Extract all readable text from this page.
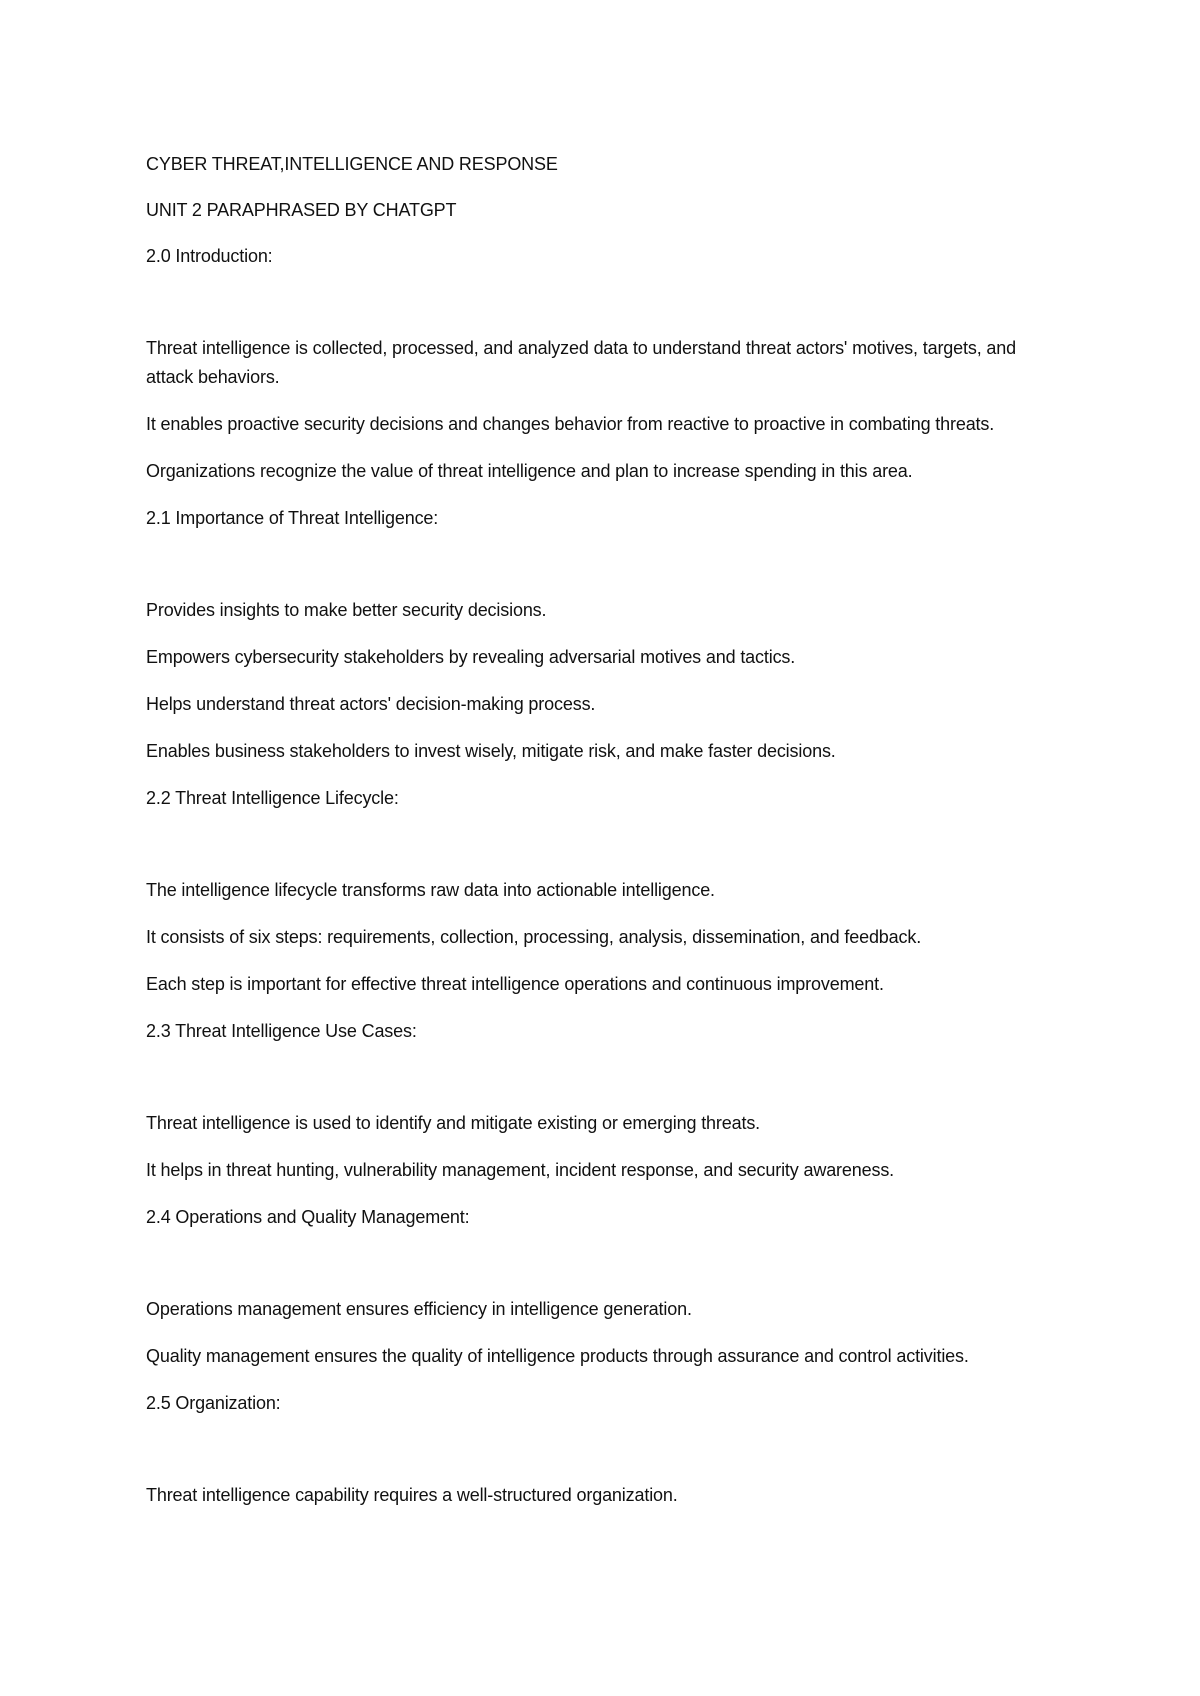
CYBER THREAT,INTELLIGENCE AND RESPONSE

UNIT 2 PARAPHRASED BY CHATGPT

2.0 Introduction:

Threat intelligence is collected, processed, and analyzed data to understand threat actors' motives, targets, and attack behaviors.

It enables proactive security decisions and changes behavior from reactive to proactive in combating threats.

Organizations recognize the value of threat intelligence and plan to increase spending in this area.

2.1 Importance of Threat Intelligence:

Provides insights to make better security decisions.

Empowers cybersecurity stakeholders by revealing adversarial motives and tactics.

Helps understand threat actors' decision-making process.

Enables business stakeholders to invest wisely, mitigate risk, and make faster decisions.

2.2 Threat Intelligence Lifecycle:

The intelligence lifecycle transforms raw data into actionable intelligence.

It consists of six steps: requirements, collection, processing, analysis, dissemination, and feedback.

Each step is important for effective threat intelligence operations and continuous improvement.

2.3 Threat Intelligence Use Cases:

Threat intelligence is used to identify and mitigate existing or emerging threats.

It helps in threat hunting, vulnerability management, incident response, and security awareness.

2.4 Operations and Quality Management:

Operations management ensures efficiency in intelligence generation.

Quality management ensures the quality of intelligence products through assurance and control activities.

2.5 Organization:

Threat intelligence capability requires a well-structured organization.
